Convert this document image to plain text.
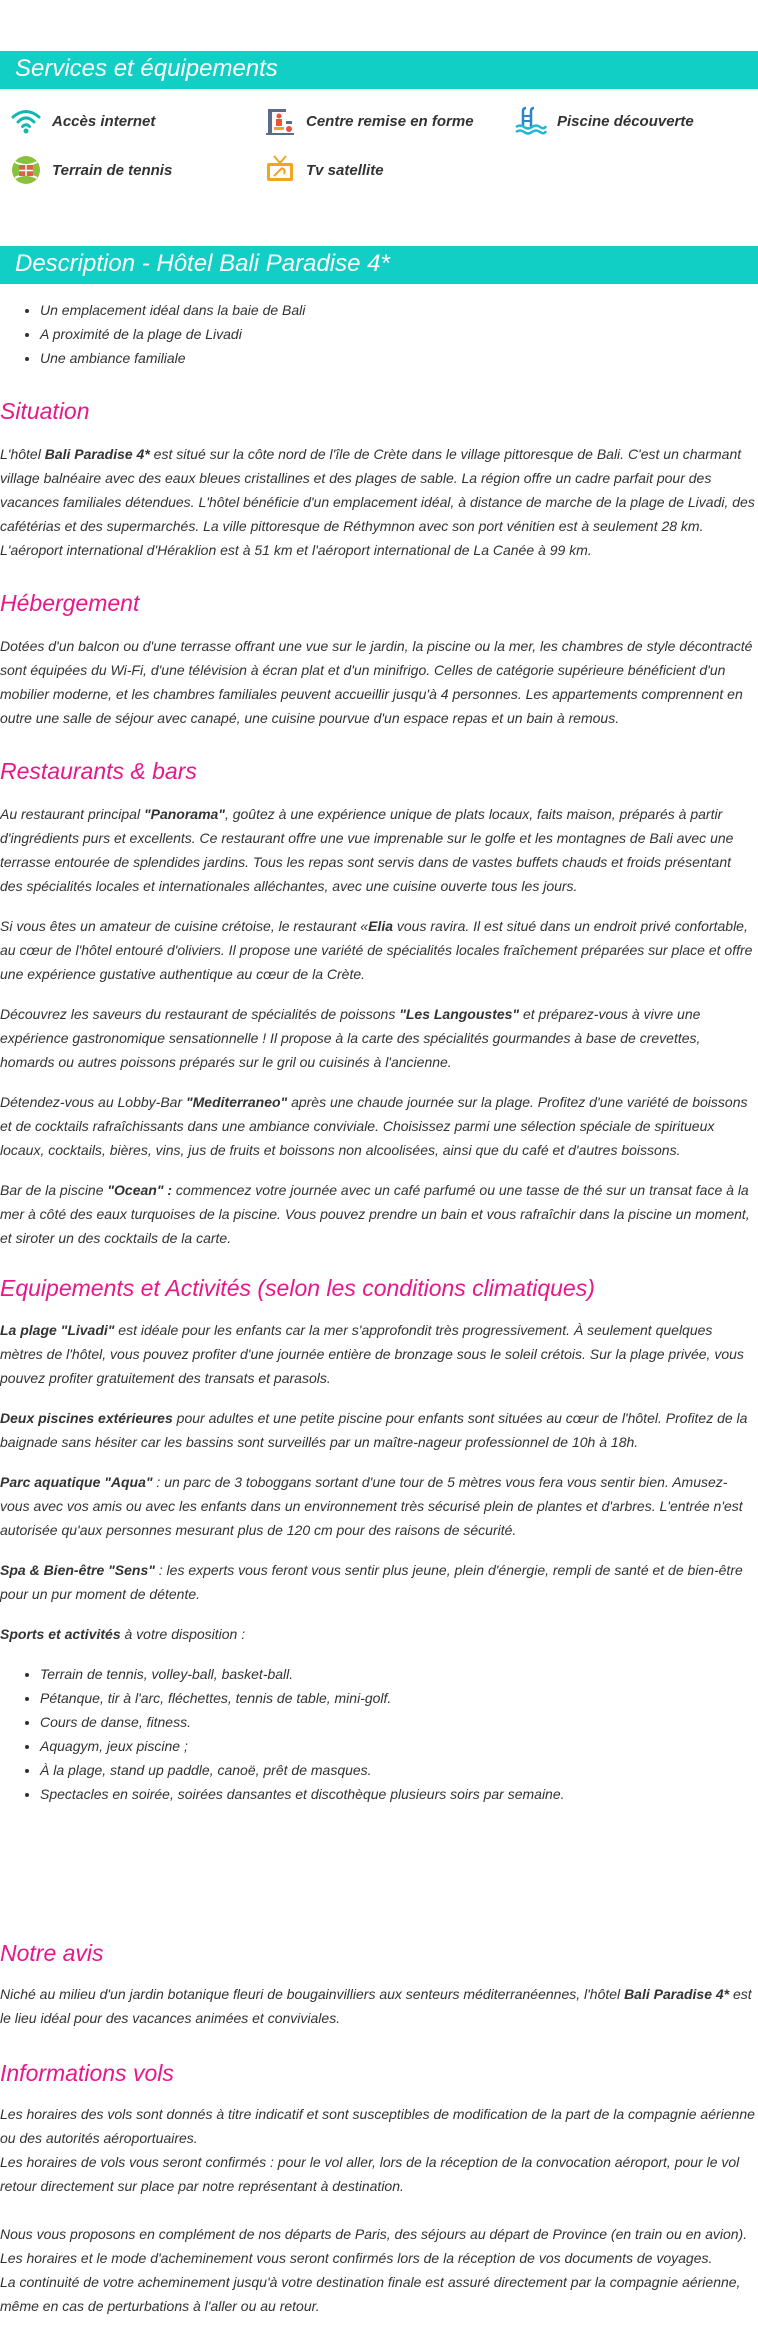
Services et équipements
Accès internet	Centre remise en forme	Piscine découverte
Terrain de tennis	Tv satellite
Description - Hôtel Bali Paradise 4*
• Un emplacement idéal dans la baie de Bali
• A proximité de la plage de Livadi
• Une ambiance familiale
Situation

L'hôtel Bali Paradise 4* est situé sur la côte nord de l'île de Crète dans le village pittoresque de Bali. C'est un charmant village balnéaire avec des eaux bleues cristallines et des plages de sable. La région offre un cadre parfait pour des vacances familiales détendues. L'hôtel bénéficie d'un emplacement idéal, à distance de marche de la plage de Livadi, des cafétérias et des supermarchés. La ville pittoresque de Réthymnon avec son port vénitien est à seulement 28 km. L'aéroport international d'Héraklion est à 51 km et l'aéroport international de La Canée à 99 km.

Hébergement

Dotées d'un balcon ou d'une terrasse offrant une vue sur le jardin, la piscine ou la mer, les chambres de style décontracté sont équipées du Wi-Fi, d'une télévision à écran plat et d'un minifrigo. Celles de catégorie supérieure bénéficient d'un mobilier moderne, et les chambres familiales peuvent accueillir jusqu'à 4 personnes. Les appartements comprennent en outre une salle de séjour avec canapé, une cuisine pourvue d'un espace repas et un bain à remous.

Restaurants & bars

Au restaurant principal "Panorama", goûtez à une expérience unique de plats locaux, faits maison, préparés à partir d'ingrédients purs et excellents. Ce restaurant offre une vue imprenable sur le golfe et les montagnes de Bali avec une terrasse entourée de splendides jardins. Tous les repas sont servis dans de vastes buffets chauds et froids présentant des spécialités locales et internationales alléchantes, avec une cuisine ouverte tous les jours.

Si vous êtes un amateur de cuisine crétoise, le restaurant «Elia vous ravira. Il est situé dans un endroit privé confortable, au cœur de l'hôtel entouré d'oliviers. Il propose une variété de spécialités locales fraîchement préparées sur place et offre une expérience gustative authentique au cœur de la Crète.

Découvrez les saveurs du restaurant de spécialités de poissons "Les Langoustes" et préparez-vous à vivre une expérience gastronomique sensationnelle ! Il propose à la carte des spécialités gourmandes à base de crevettes, homards ou autres poissons préparés sur le gril ou cuisinés à l'ancienne.

Détendez-vous au Lobby-Bar "Mediterraneo" après une chaude journée sur la plage. Profitez d'une variété de boissons et de cocktails rafraîchissants dans une ambiance conviviale. Choisissez parmi une sélection spéciale de spiritueux locaux, cocktails, bières, vins, jus de fruits et boissons non alcoolisées, ainsi que du café et d'autres boissons.

Bar de la piscine "Ocean" : commencez votre journée avec un café parfumé ou une tasse de thé sur un transat face à la mer à côté des eaux turquoises de la piscine. Vous pouvez prendre un bain et vous rafraîchir dans la piscine un moment, et siroter un des cocktails de la carte.

Equipements et Activités (selon les conditions climatiques)

La plage "Livadi" est idéale pour les enfants car la mer s'approfondit très progressivement. À seulement quelques mètres de l'hôtel, vous pouvez profiter d'une journée entière de bronzage sous le soleil crétois. Sur la plage privée, vous pouvez profiter gratuitement des transats et parasols.

Deux piscines extérieures pour adultes et une petite piscine pour enfants sont situées au cœur de l'hôtel. Profitez de la baignade sans hésiter car les bassins sont surveillés par un maître-nageur professionnel de 10h à 18h.

Parc aquatique "Aqua" : un parc de 3 toboggans sortant d'une tour de 5 mètres vous fera vous sentir bien. Amusez-vous avec vos amis ou avec les enfants dans un environnement très sécurisé plein de plantes et d'arbres. L'entrée n'est autorisée qu'aux personnes mesurant plus de 120 cm pour des raisons de sécurité.

Spa & Bien-être "Sens" : les experts vous feront vous sentir plus jeune, plein d'énergie, rempli de santé et de bien-être pour un pur moment de détente.

Sports et activités à votre disposition :

• Terrain de tennis, volley-ball, basket-ball.
• Pétanque, tir à l'arc, fléchettes, tennis de table, mini-golf.
• Cours de danse, fitness.
• Aquagym, jeux piscine ;
• À la plage, stand up paddle, canoë, prêt de masques.
• Spectacles en soirée, soirées dansantes et discothèque plusieurs soirs par semaine.
Notre avis

Niché au milieu d'un jardin botanique fleuri de bougainvilliers aux senteurs méditerranéennes, l'hôtel Bali Paradise 4* est le lieu idéal pour des vacances animées et conviviales.

Informations vols

Les horaires des vols sont donnés à titre indicatif et sont susceptibles de modification de la part de la compagnie aérienne ou des autorités aéroportuaires.

Les horaires de vols vous seront confirmés : pour le vol aller, lors de la réception de la convocation aéroport, pour le vol retour directement sur place par notre représentant à destination.

Nous vous proposons en complément de nos départs de Paris, des séjours au départ de Province (en train ou en avion).

Les horaires et le mode d'acheminement vous seront confirmés lors de la réception de vos documents de voyages.

La continuité de votre acheminement jusqu'à votre destination finale est assuré directement par la compagnie aérienne, même en cas de perturbations à l'aller ou au retour.
